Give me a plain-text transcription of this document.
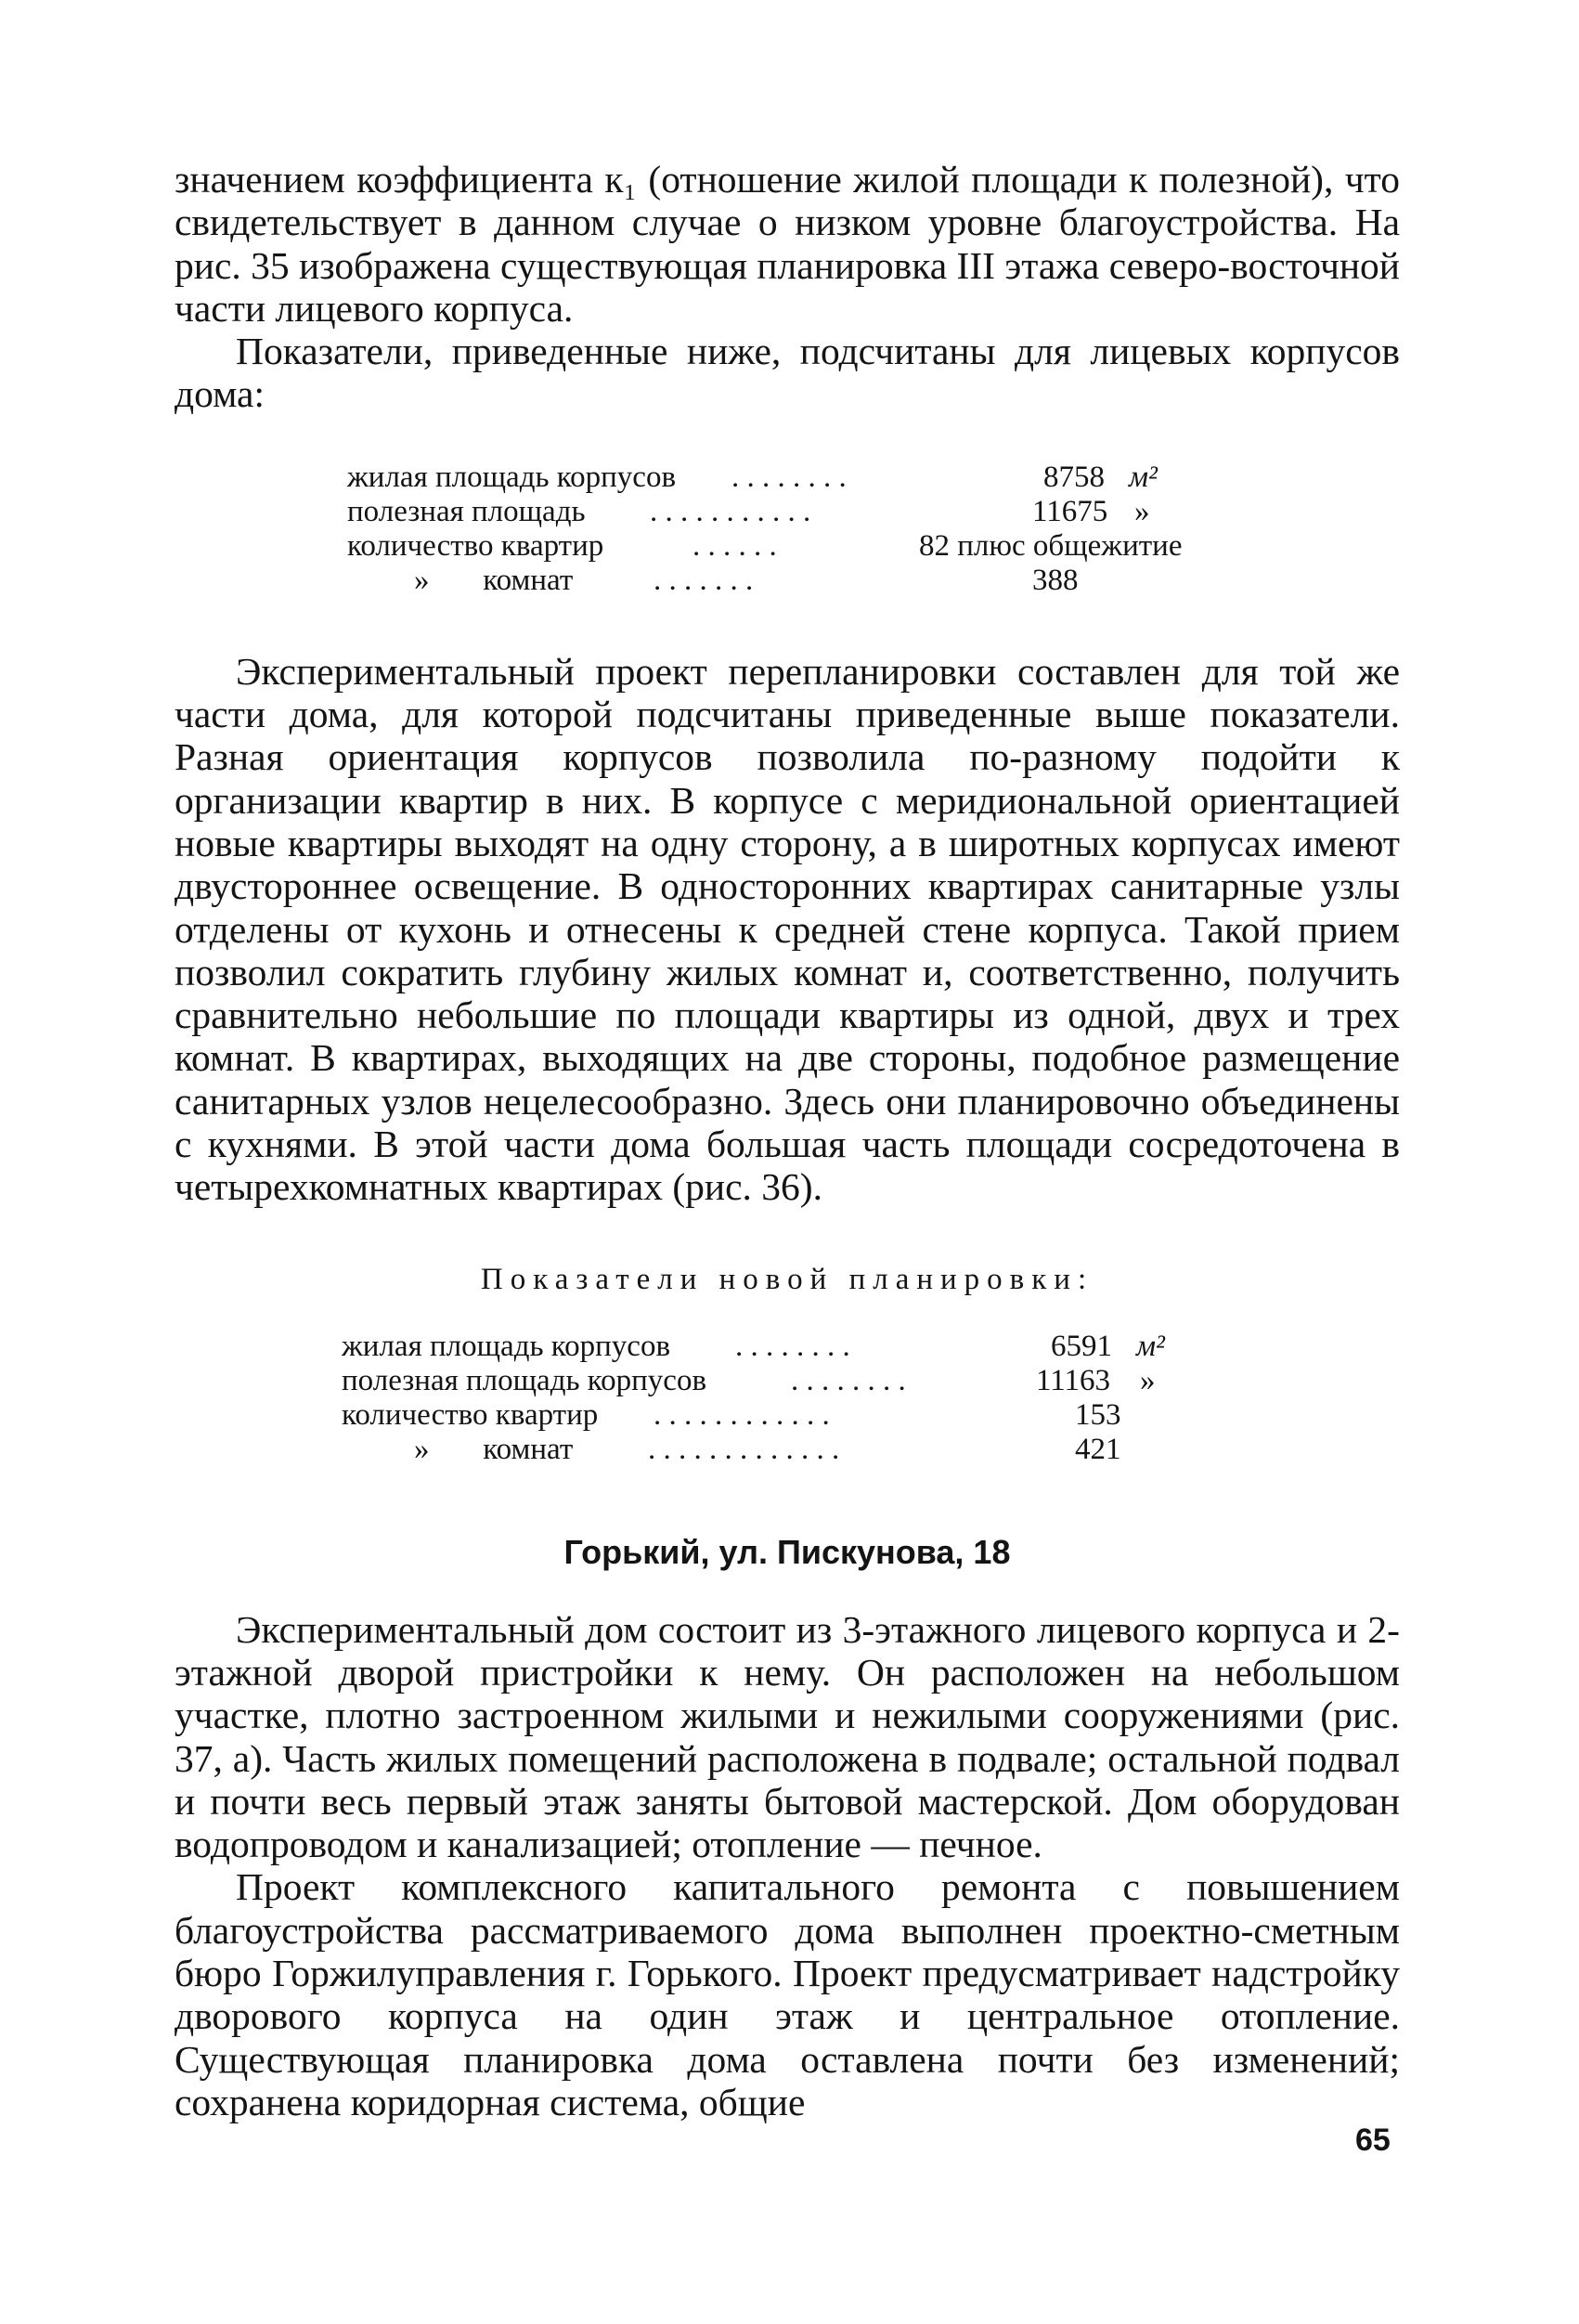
значением коэффициента к₁ (отношение жилой площади к полезной), что свидетельствует в данном случае о низком уровне благоустройства. На рис. 35 изображена существующая планировка III этажа северо-восточной части лицевого корпуса.

Показатели, приведенные ниже, подсчитаны для лицевых корпусов дома:

жилая площадь корпусов . . . . . . . .	8758 м²
полезная площадь . . . . . . . . . . .	11675 »
количество квартир	. . . . . .	82 плюс общежитие
»       комнат	. . . . . . .	388

Экспериментальный проект перепланировки составлен для той же части дома, для которой подсчитаны приведенные выше показатели. Разная ориентация корпусов позволила по-разному подойти к организации квартир в них. В корпусе с меридиональной ориентацией новые квартиры выходят на одну сторону, а в широтных корпусах имеют двустороннее освещение. В односторонних квартирах санитарные узлы отделены от кухонь и отнесены к средней стене корпуса. Такой прием позволил сократить глубину жилых комнат и, соответственно, получить сравнительно небольшие по площади квартиры из одной, двух и трех комнат. В квартирах, выходящих на две стороны, подобное размещение санитарных узлов нецелесообразно. Здесь они планировочно объединены с кухнями. В этой части дома большая часть площади сосредоточена в четырехкомнатных квартирах (рис. 36).

Показатели новой планировки:
жилая площадь корпусов . . . . . . . .	6591 м²
полезная площадь корпусов	. . . . . . . .	11163 »
количество квартир . . . . . . . . . . . .	153
»       комнат . . . . . . . . . . . . .	421
Горький, ул. Пискунова, 18

Экспериментальный дом состоит из 3-этажного лицевого корпуса и 2-этажной дворой пристройки к нему. Он расположен на небольшом участке, плотно застроенном жилыми и нежилыми сооружениями (рис. 37, а). Часть жилых помещений расположена в подвале; остальной подвал и почти весь первый этаж заняты бытовой мастерской. Дом оборудован водопроводом и канализацией; отопление — печное.

Проект комплексного капитального ремонта с повышением благоустройства рассматриваемого дома выполнен проектно-сметным бюро Горжилуправления г. Горького. Проект предусматривает надстройку дворового корпуса на один этаж и центральное отопление. Существующая планировка дома оставлена почти без изменений; сохранена коридорная система, общие

65
